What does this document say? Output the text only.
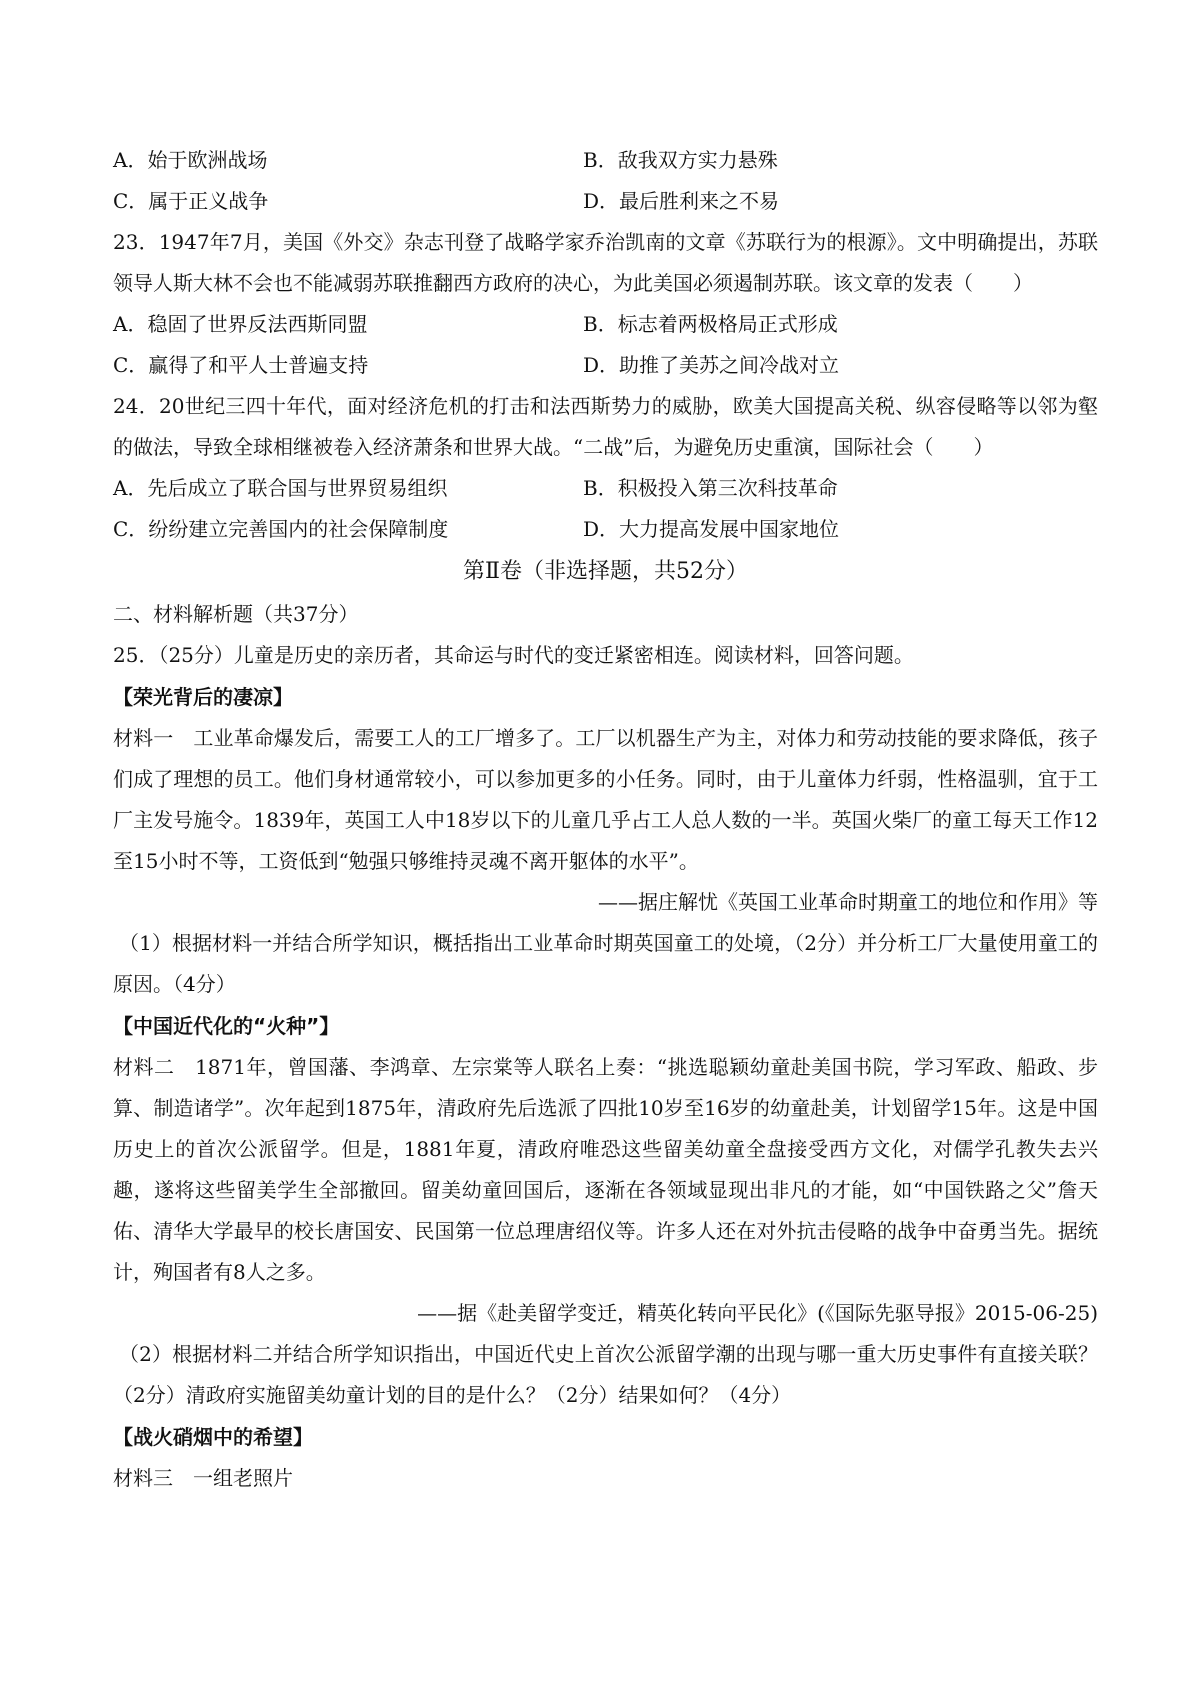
A．始于欧洲战场	B．敌我双方实力悬殊
C．属于正义战争	D．最后胜利来之不易

23．1947年7月，美国《外交》杂志刊登了战略学家乔治凯南的文章《苏联行为的根源》。文中明确提出，苏联领导人斯大林不会也不能减弱苏联推翻西方政府的决心，为此美国必须遏制苏联。该文章的发表（　　）

A．稳固了世界反法西斯同盟	B．标志着两极格局正式形成
C．赢得了和平人士普遍支持	D．助推了美苏之间冷战对立

24．20世纪三四十年代，面对经济危机的打击和法西斯势力的威胁，欧美大国提高关税、纵容侵略等以邻为壑的做法，导致全球相继被卷入经济萧条和世界大战。“二战”后，为避免历史重演，国际社会（　　）

A．先后成立了联合国与世界贸易组织	B．积极投入第三次科技革命
C．纷纷建立完善国内的社会保障制度	D．大力提高发展中国家地位
第Ⅱ卷（非选择题，共52分）
二、材料解析题（共37分）
25．（25分）儿童是历史的亲历者，其命运与时代的变迁紧密相连。阅读材料，回答问题。
【荣光背后的凄凉】

材料一　工业革命爆发后，需要工人的工厂增多了。工厂以机器生产为主，对体力和劳动技能的要求降低，孩子们成了理想的员工。他们身材通常较小，可以参加更多的小任务。同时，由于儿童体力纤弱，性格温驯，宜于工厂主发号施令。1839年，英国工人中18岁以下的儿童几乎占工人总人数的一半。英国火柴厂的童工每天工作12至15小时不等，工资低到“勉强只够维持灵魂不离开躯体的水平”。

——据庄解忧《英国工业革命时期童工的地位和作用》等

（1）根据材料一并结合所学知识，概括指出工业革命时期英国童工的处境，（2分）并分析工厂大量使用童工的原因。（4分）

【中国近代化的“火种”】

材料二　1871年，曾国藩、李鸿章、左宗棠等人联名上奏：“挑选聪颖幼童赴美国书院，学习军政、船政、步算、制造诸学”。次年起到1875年，清政府先后选派了四批10岁至16岁的幼童赴美，计划留学15年。这是中国历史上的首次公派留学。但是，1881年夏，清政府唯恐这些留美幼童全盘接受西方文化，对儒学孔教失去兴趣，遂将这些留美学生全部撤回。留美幼童回国后，逐渐在各领域显现出非凡的才能，如“中国铁路之父”詹天佑、清华大学最早的校长唐国安、民国第一位总理唐绍仪等。许多人还在对外抗击侵略的战争中奋勇当先。据统计，殉国者有8人之多。

——据《赴美留学变迁，精英化转向平民化》(《国际先驱导报》2015-06-25)

（2）根据材料二并结合所学知识指出，中国近代史上首次公派留学潮的出现与哪一重大历史事件有直接关联？（2分）清政府实施留美幼童计划的目的是什么？（2分）结果如何？（4分）

【战火硝烟中的希望】
材料三　一组老照片
